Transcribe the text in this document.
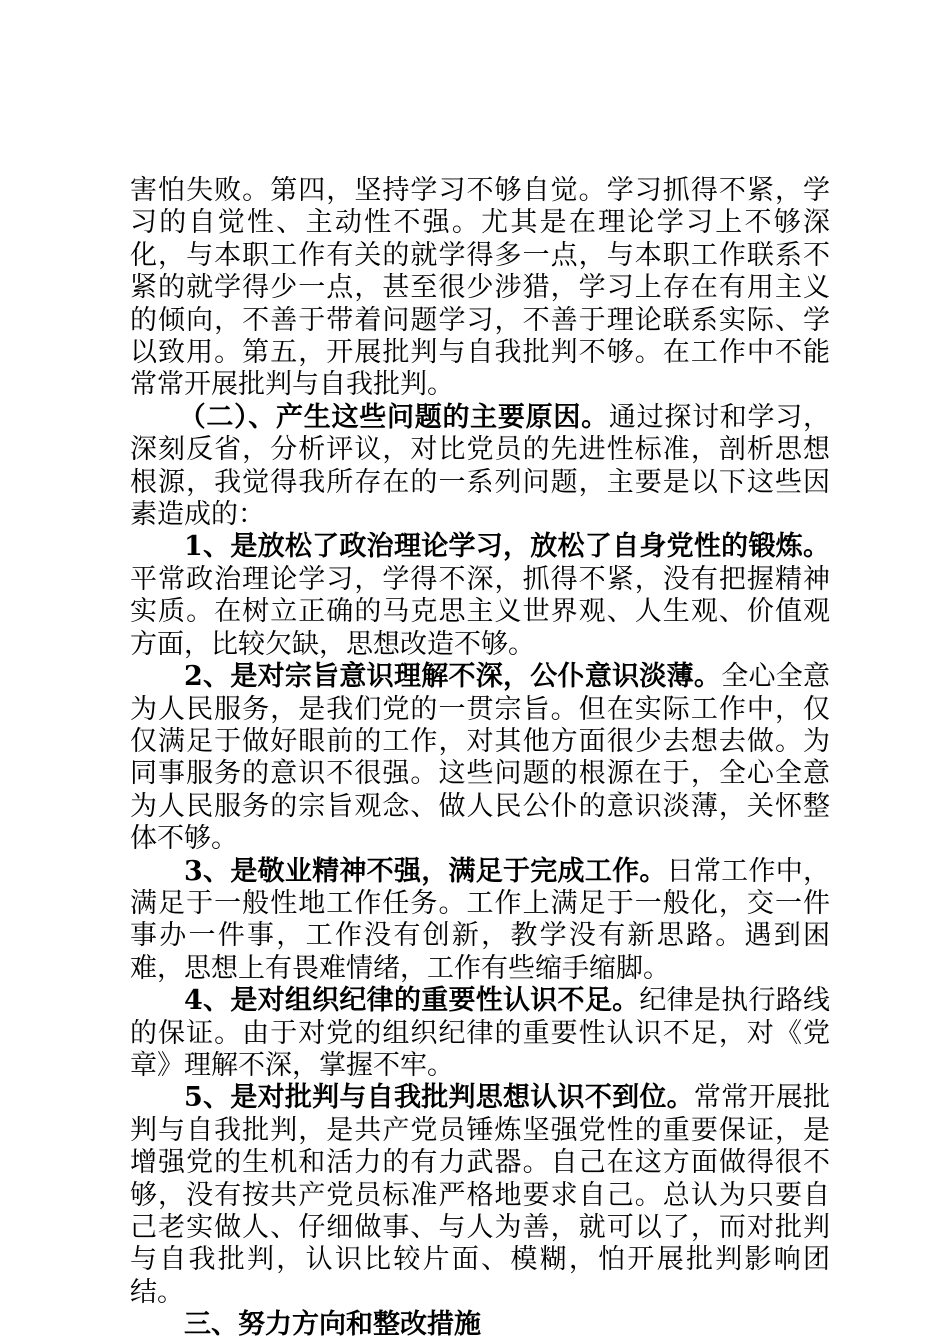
害怕失败。第四，坚持学习不够自觉。学习抓得不紧，学习的自觉性、主动性不强。尤其是在理论学习上不够深化，与本职工作有关的就学得多一点，与本职工作联系不紧的就学得少一点，甚至很少涉猎，学习上存在有用主义的倾向，不善于带着问题学习，不善于理论联系实际、学以致用。第五，开展批判与自我批判不够。在工作中不能常常开展批判与自我批判。

（二）、产生这些问题的主要原因。通过探讨和学习，深刻反省，分析评议，对比党员的先进性标准，剖析思想根源，我觉得我所存在的一系列问题，主要是以下这些因素造成的：

1、是放松了政治理论学习，放松了自身党性的锻炼。平常政治理论学习，学得不深，抓得不紧，没有把握精神实质。在树立正确的马克思主义世界观、人生观、价值观方面，比较欠缺，思想改造不够。

2、是对宗旨意识理解不深，公仆意识淡薄。全心全意为人民服务，是我们党的一贯宗旨。但在实际工作中，仅仅满足于做好眼前的工作，对其他方面很少去想去做。为同事服务的意识不很强。这些问题的根源在于，全心全意为人民服务的宗旨观念、做人民公仆的意识淡薄，关怀整体不够。

3、是敬业精神不强，满足于完成工作。日常工作中，满足于一般性地工作任务。工作上满足于一般化，交一件事办一件事，工作没有创新，教学没有新思路。遇到困难，思想上有畏难情绪，工作有些缩手缩脚。

4、是对组织纪律的重要性认识不足。纪律是执行路线的保证。由于对党的组织纪律的重要性认识不足，对《党章》理解不深，掌握不牢。

5、是对批判与自我批判思想认识不到位。常常开展批判与自我批判，是共产党员锤炼坚强党性的重要保证，是增强党的生机和活力的有力武器。自己在这方面做得很不够，没有按共产党员标准严格地要求自己。总认为只要自己老实做人、仔细做事、与人为善，就可以了，而对批判与自我批判，认识比较片面、模糊，怕开展批判影响团结。

三、努力方向和整改措施
